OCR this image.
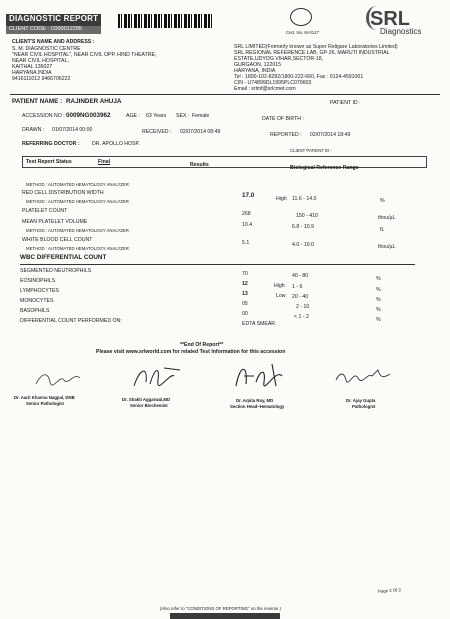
DIAGNOSTIC REPORT
CLIENT CODE : C000012285
Cert. No. M-0127
SRL
Diagnostics
CLIENT'S NAME AND ADDRESS :
S. M. DIAGNOSTIC CENTRE
"NEAR CIVIL HOSPITAL", NEAR CIVIL OPP. HIND THEATRE,
NEAR CIVIL HOSPITAL,
KAITHAL 136027
HARYANA INDIA
9416111012 9466706222
SRL LIMITED(Formerly known as Super Religare Laboratories Limited)
SRL REGIONAL REFERENCE LAB, GP-26, MARUTI INDUSTRIAL
ESTATE,UDYOG VIHAR,SECTOR-18,
GURGAON, 122015
HARYANA, INDIA
Tel : 1800-102-8282/1800-222-660, Fax : 0124-4591001
CIN - U74899DL1995PLC070603
Email : srlmf@srlcmet.com
PATIENT NAME : RAJINDER AHUJA	PATIENT ID :
ACCESSION NO : 0009NG003962	AGE : 63 Years SEX : Female	DATE OF BIRTH :
DRAWN : 01/07/2014 00:00	RECEIVED : 02/07/2014 08:49	REPORTED : 02/07/2014 18:49
REFERRING DOCTOR : DR. APOLLO HOSP.
CLIENT PATIENT ID :
Test Report Status	Final	Results	Biological Reference Range
METHOD : AUTOMATED HEMATOLOGY ANALYZER
RED CELL DISTRIBUTION WIDTH	17.0	High 11.6 - 14.0	%
METHOD : AUTOMATED HEMATOLOGY ANALYZER
PLATELET COUNT	268	150 - 410	thou/µL
MEAN PLATELET VOLUME	10.4	6.8 - 10.9	fL
METHOD : AUTOMATED HEMATOLOGY ANALYZER
WHITE BLOOD CELL COUNT	5.1	4.0 - 10.0	thou/µL
METHOD : AUTOMATED HEMATOLOGY ANALYZER
WBC DIFFERENTIAL COUNT
SEGMENTED NEUTROPHILS	70	40 - 80	%
EOSINOPHILS	12	High 1 - 6	%
LYMPHOCYTES	13	Low 20 - 40	%
MONOCYTES	05	2 - 10	%
BASOPHILS	00	< 1 - 2	%
DIFFERENTIAL COUNT PERFORMED ON:	EDTA SMEAR
**End Of Report**
Please visit www.srlworld.com for related Test Information for this accession
Dr. Aarti Khanna Nagpal, DNB
Senior Pathologist
Dr. Shakti Aggarwal,MD
Senior Biochemist
Dr. Arpita Roy, MD
Section Head~Hematology
Dr. Ajay Gupta
Pathologist
Page 2 Of 2
(Also refer to "CONDITIONS OF REPORTING" on the reverse.)
